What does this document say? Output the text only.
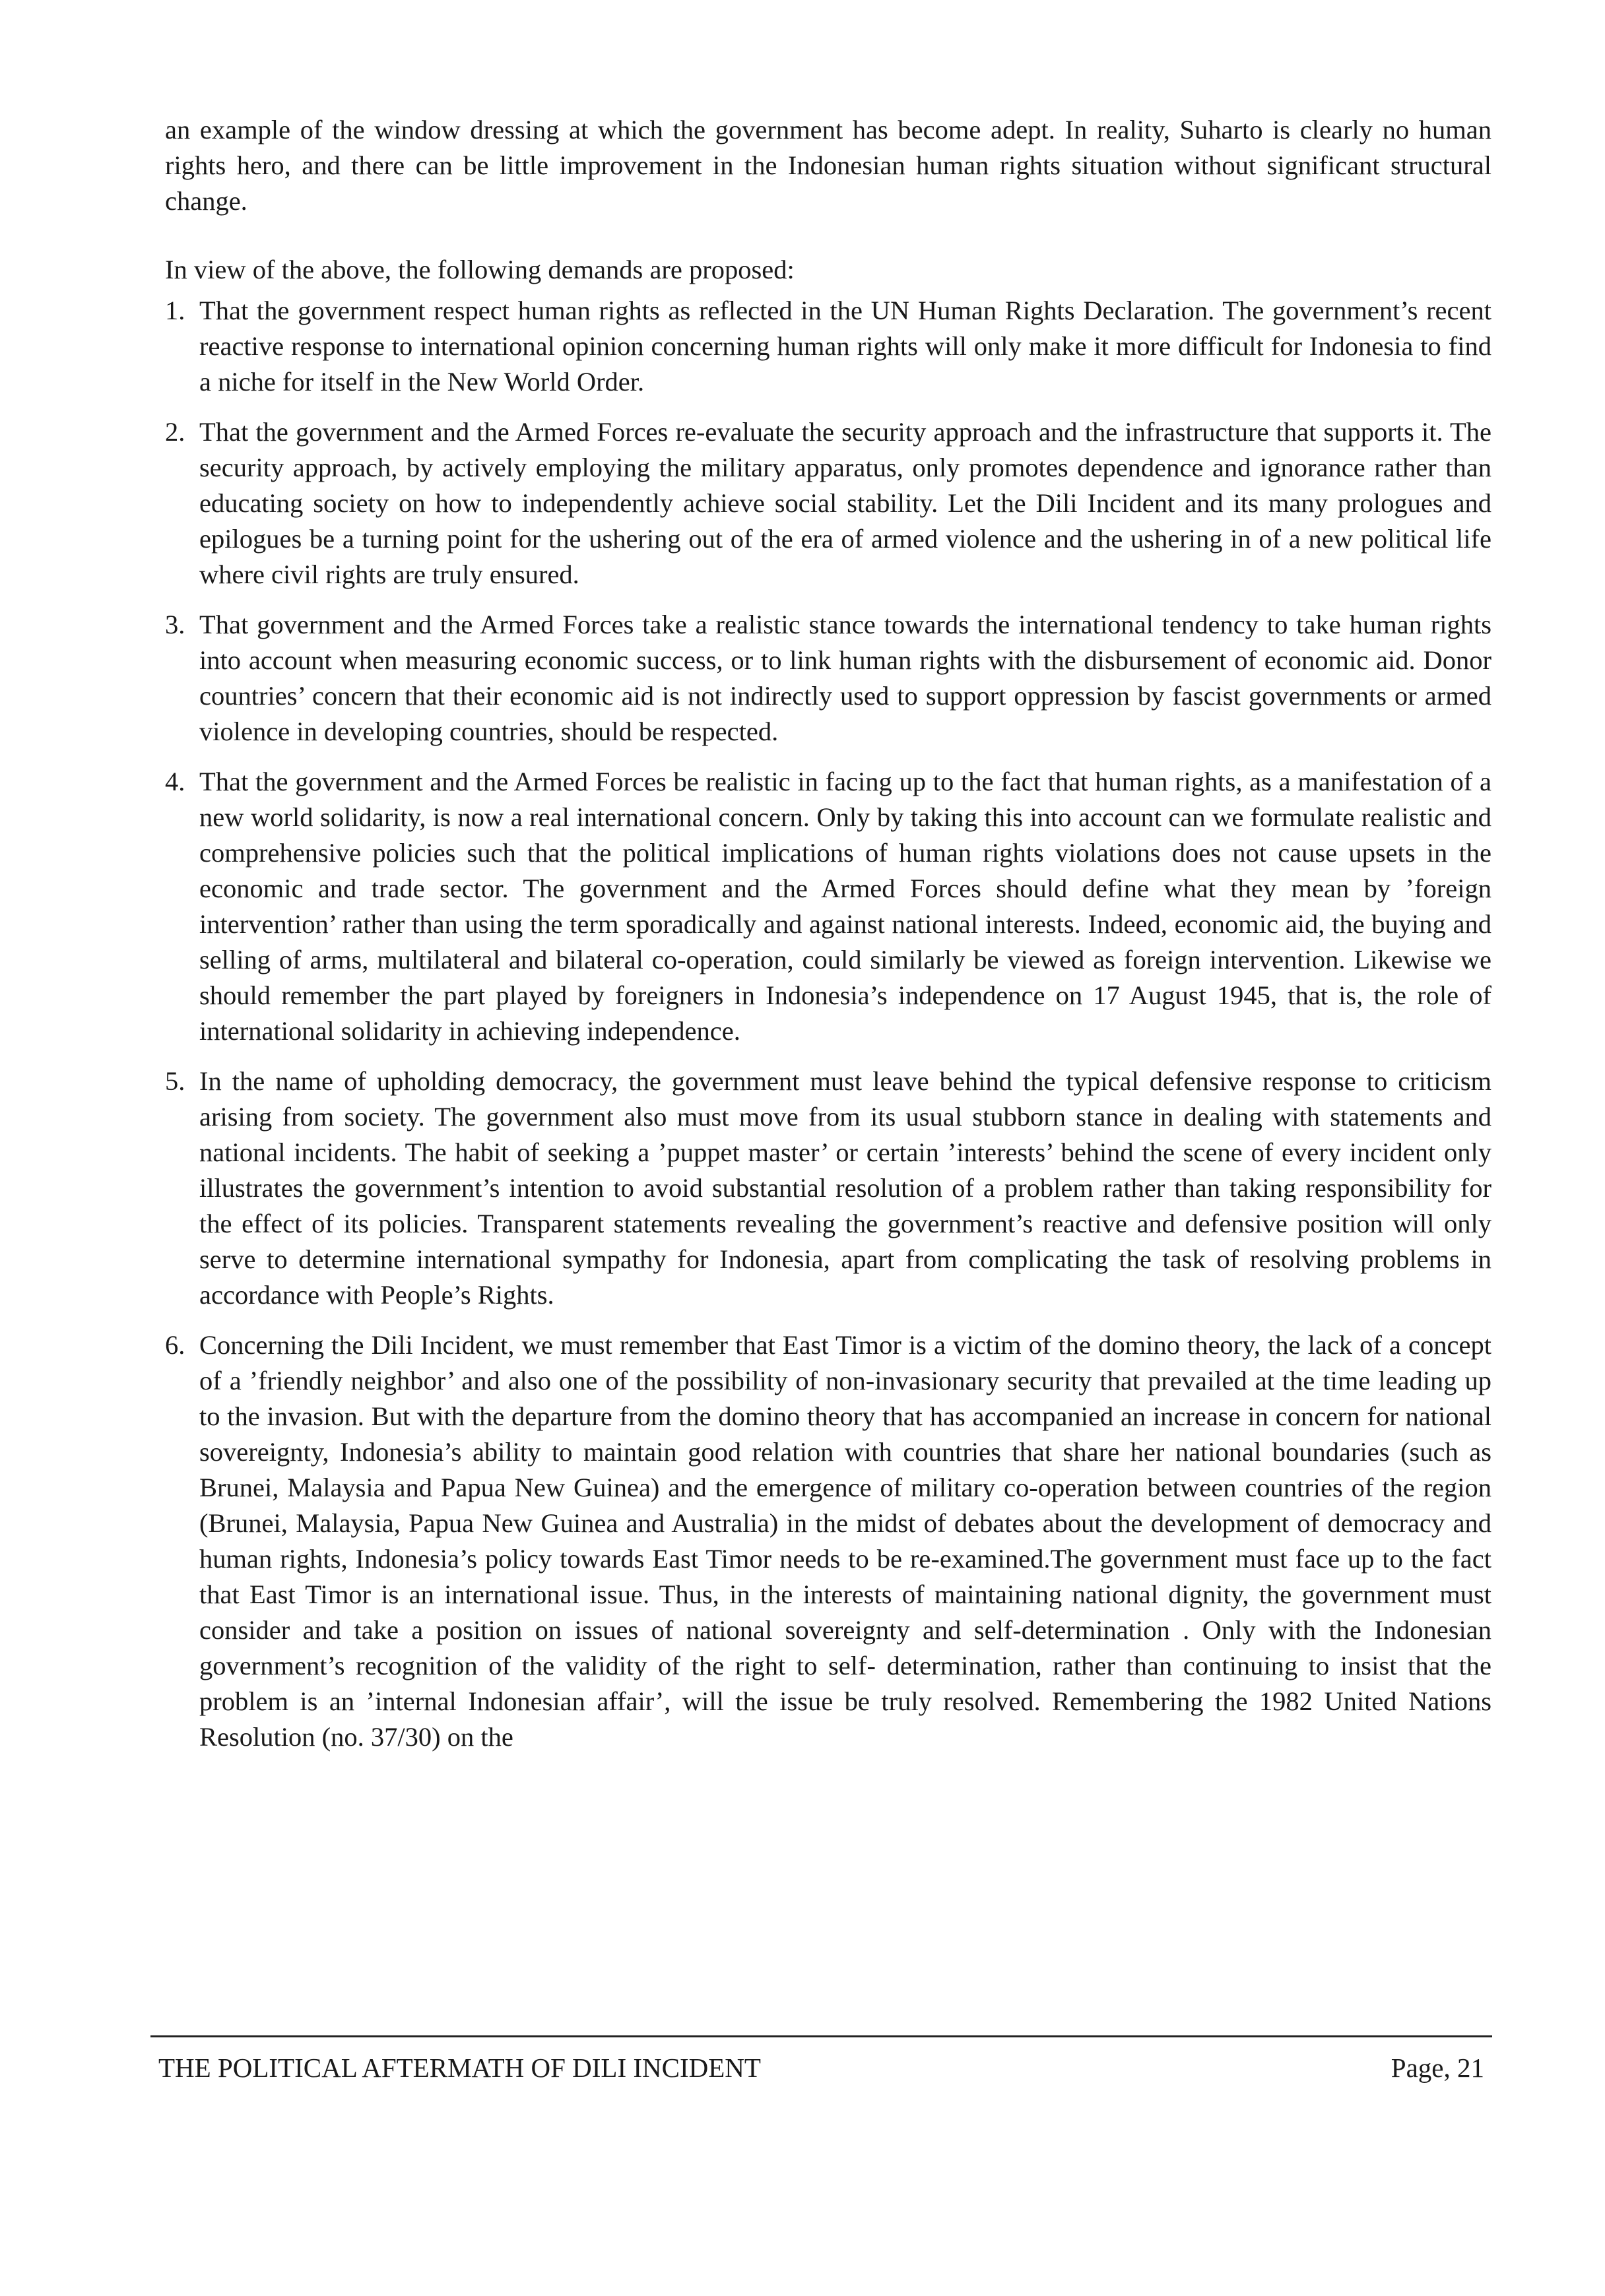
an example of the window dressing at which the government has become adept. In reality, Suharto is clearly no human rights hero, and there can be little improvement in the Indonesian human rights situation without significant structural change.

In view of the above, the following demands are proposed:

1. That the government respect human rights as reflected in the UN Human Rights Declaration. The government’s recent reactive response to international opinion concerning human rights will only make it more difficult for Indonesia to find a niche for itself in the New World Order.
2. That the government and the Armed Forces re-evaluate the security approach and the infrastructure that supports it. The security approach, by actively employing the military apparatus, only promotes dependence and ignorance rather than educating society on how to independently achieve social stability. Let the Dili Incident and its many prologues and epilogues be a turning point for the ushering out of the era of armed violence and the ushering in of a new political life where civil rights are truly ensured.
3. That government and the Armed Forces take a realistic stance towards the international tendency to take human rights into account when measuring economic success, or to link human rights with the disbursement of economic aid. Donor countries’ concern that their economic aid is not indirectly used to support oppression by fascist governments or armed violence in developing countries, should be respected.
4. That the government and the Armed Forces be realistic in facing up to the fact that human rights, as a manifestation of a new world solidarity, is now a real international concern. Only by taking this into account can we formulate realistic and comprehensive policies such that the political implications of human rights violations does not cause upsets in the economic and trade sector. The government and the Armed Forces should define what they mean by ’foreign intervention’ rather than using the term sporadically and against national interests. Indeed, economic aid, the buying and selling of arms, multilateral and bilateral co-operation, could similarly be viewed as foreign intervention. Likewise we should remember the part played by foreigners in Indonesia’s independence on 17 August 1945, that is, the role of international solidarity in achieving independence.
5. In the name of upholding democracy, the government must leave behind the typical defensive response to criticism arising from society. The government also must move from its usual stubborn stance in dealing with statements and national incidents. The habit of seeking a ’puppet master’ or certain ’interests’ behind the scene of every incident only illustrates the government’s intention to avoid substantial resolution of a problem rather than taking responsibility for the effect of its policies. Transparent statements revealing the government’s reactive and defensive position will only serve to determine international sympathy for Indonesia, apart from complicating the task of resolving problems in accordance with People’s Rights.
6. Concerning the Dili Incident, we must remember that East Timor is a victim of the domino theory, the lack of a concept of a ’friendly neighbor’ and also one of the possibility of non-invasionary security that prevailed at the time leading up to the invasion. But with the departure from the domino theory that has accompanied an increase in concern for national sovereignty, Indonesia’s ability to maintain good relation with countries that share her national boundaries (such as Brunei, Malaysia and Papua New Guinea) and the emergence of military co-operation between countries of the region (Brunei, Malaysia, Papua New Guinea and Australia) in the midst of debates about the development of democracy and human rights, Indonesia’s policy towards East Timor needs to be re-examined.The government must face up to the fact that East Timor is an international issue. Thus, in the interests of maintaining national dignity, the government must consider and take a position on issues of national sovereignty and self-determination . Only with the Indonesian government’s recognition of the validity of the right to self- determination, rather than continuing to insist that the problem is an ’internal Indonesian affair’, will the issue be truly resolved. Remembering the 1982 United Nations Resolution (no. 37/30) on the
THE POLITICAL AFTERMATH OF DILI INCIDENT	Page, 21
